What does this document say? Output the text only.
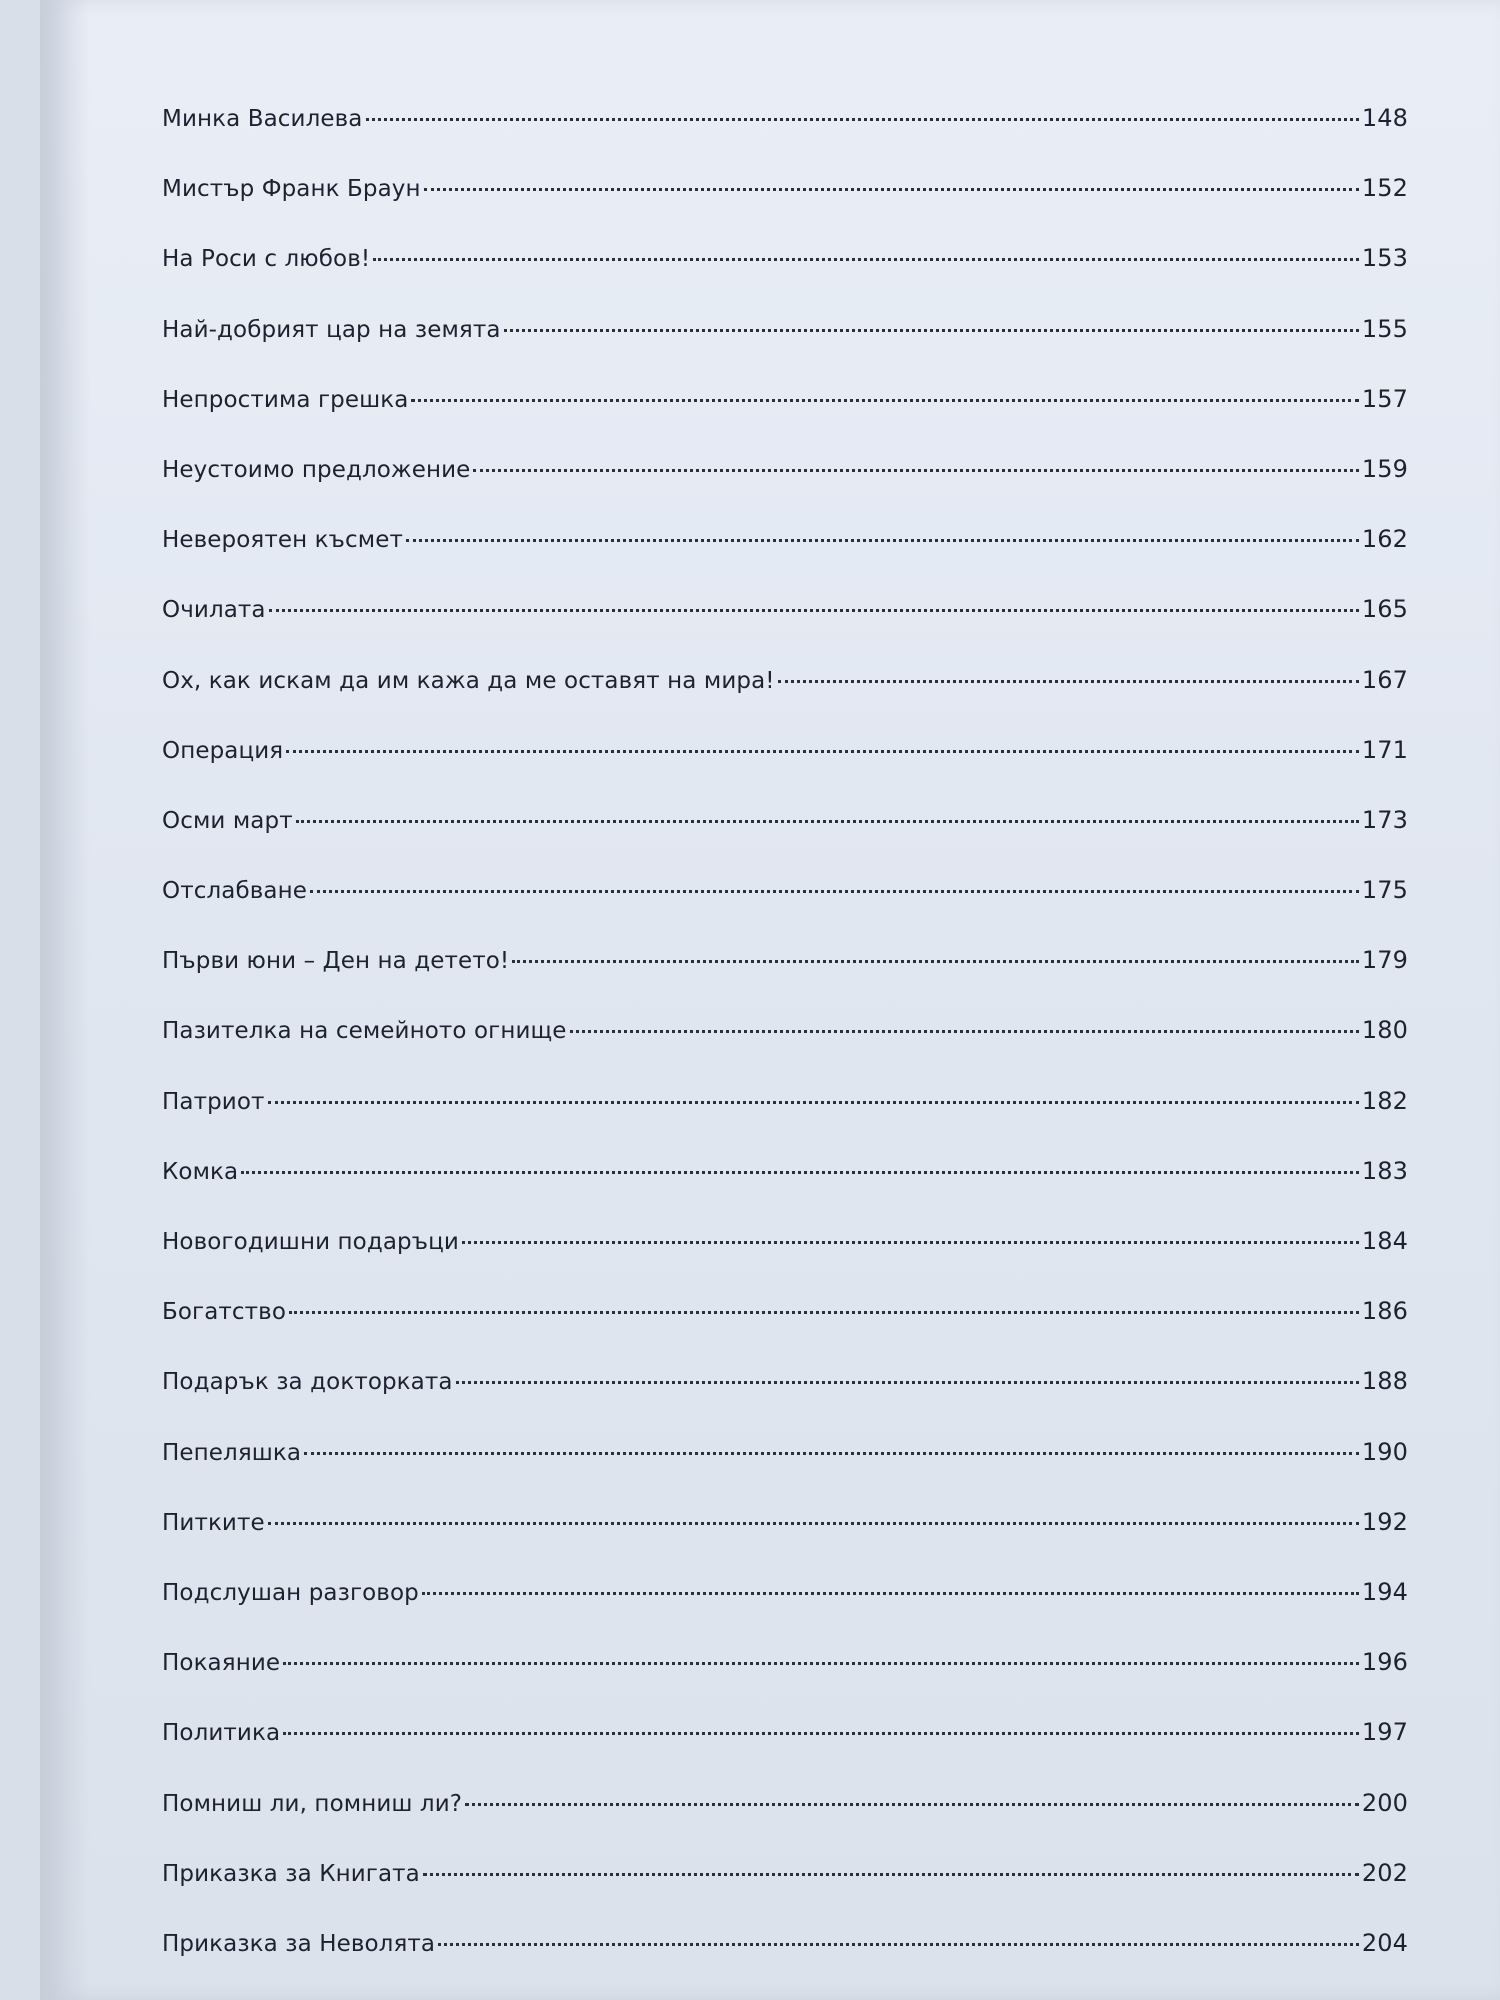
Минка Василева	148
Мистър Франк Браун	152
На Роси с любов!	153
Най-добрият цар на земята	155
Непростима грешка	157
Неустоимо предложение	159
Невероятен късмет	162
Очилата	165
Ох, как искам да им кажа да ме оставят на мира!	167
Операция	171
Осми март	173
Отслабване	175
Първи юни – Ден на детето!	179
Пазителка на семейното огнище	180
Патриот	182
Комка	183
Новогодишни подаръци	184
Богатство	186
Подарък за докторката	188
Пепеляшка	190
Питките	192
Подслушан разговор	194
Покаяние	196
Политика	197
Помниш ли, помниш ли?	200
Приказка за Книгата	202
Приказка за Неволята	204
